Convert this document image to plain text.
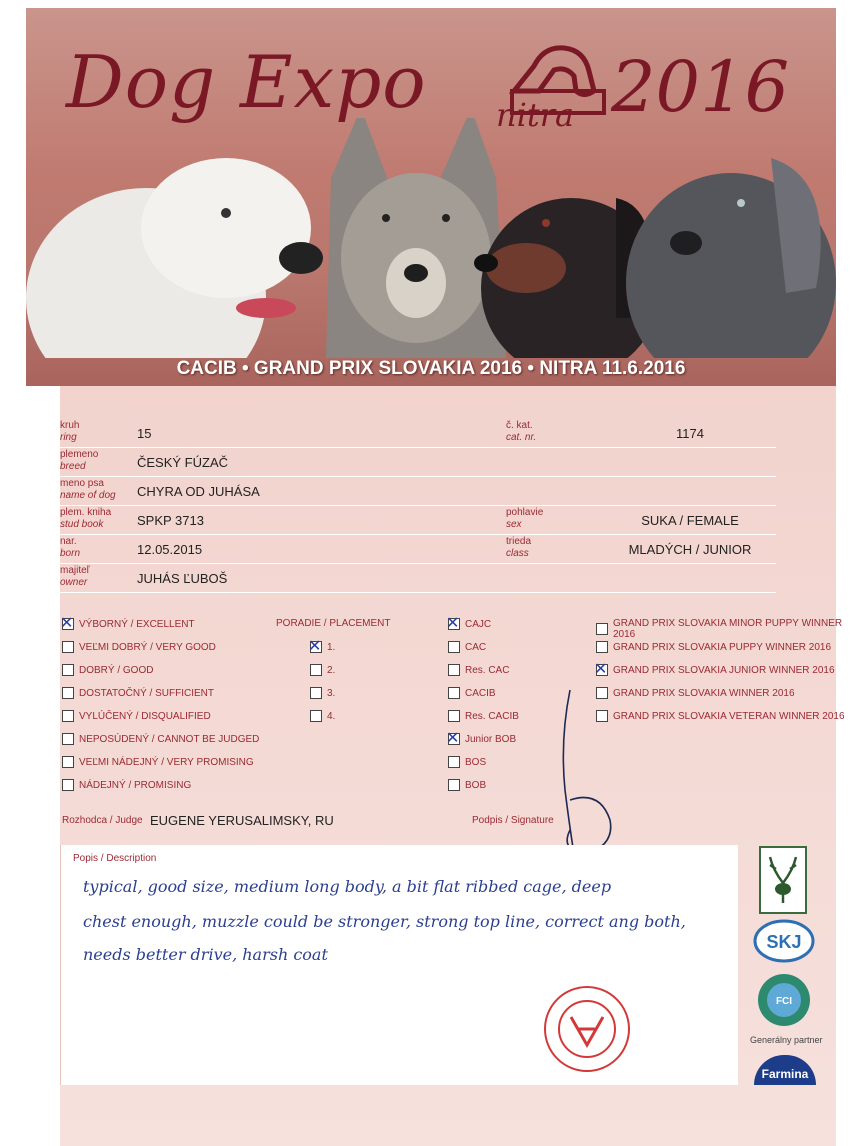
Dog Expo nitra 2016
CACIB • GRAND PRIX SLOVAKIA 2016 • NITRA 11.6.2016
kruh
ring	15
č. kat.
cat. nr.	1174
plemeno
breed	ČESKÝ FÚZAČ
meno psa
name of dog CHYRA OD JUHÁSA
plem. kniha
stud book	SPKP 3713
pohlavie
sex	SUKA / FEMALE
nar.
born	12.05.2015
trieda
class	MLADÝCH / JUNIOR
majiteľ
owner	JUHÁS ĽUBOŠ
✕ VÝBORNÝ / EXCELLENT
VEĽMI DOBRÝ / VERY GOOD
DOBRÝ / GOOD
DOSTATOČNÝ / SUFFICIENT
VYLÚČENÝ / DISQUALIFIED
NEPOSÚDENÝ / CANNOT BE JUDGED
VEĽMI NÁDEJNÝ / VERY PROMISING
NÁDEJNÝ / PROMISING
PORADIE / PLACEMENT
✕ 1.
2.
3.
4.
✕ CAJC
CAC
Res. CAC
CACIB
Res. CACIB
✕ Junior BOB
BOS
BOB
GRAND PRIX SLOVAKIA MINOR PUPPY WINNER 2016
GRAND PRIX SLOVAKIA PUPPY WINNER 2016
✕ GRAND PRIX SLOVAKIA JUNIOR WINNER 2016
GRAND PRIX SLOVAKIA WINNER 2016
GRAND PRIX SLOVAKIA VETERAN WINNER 2016
Rozhodca / Judge EUGENE YERUSALIMSKY, RU	Podpis / Signature
Popis / Description
typical, good size, medium long body, a bit flat ribbed cage, deep
chest enough, muzzle could be stronger, strong top line, correct ang both,
needs better drive, harsh coat
SKJ
FCI
Generálny partner
Farmina
